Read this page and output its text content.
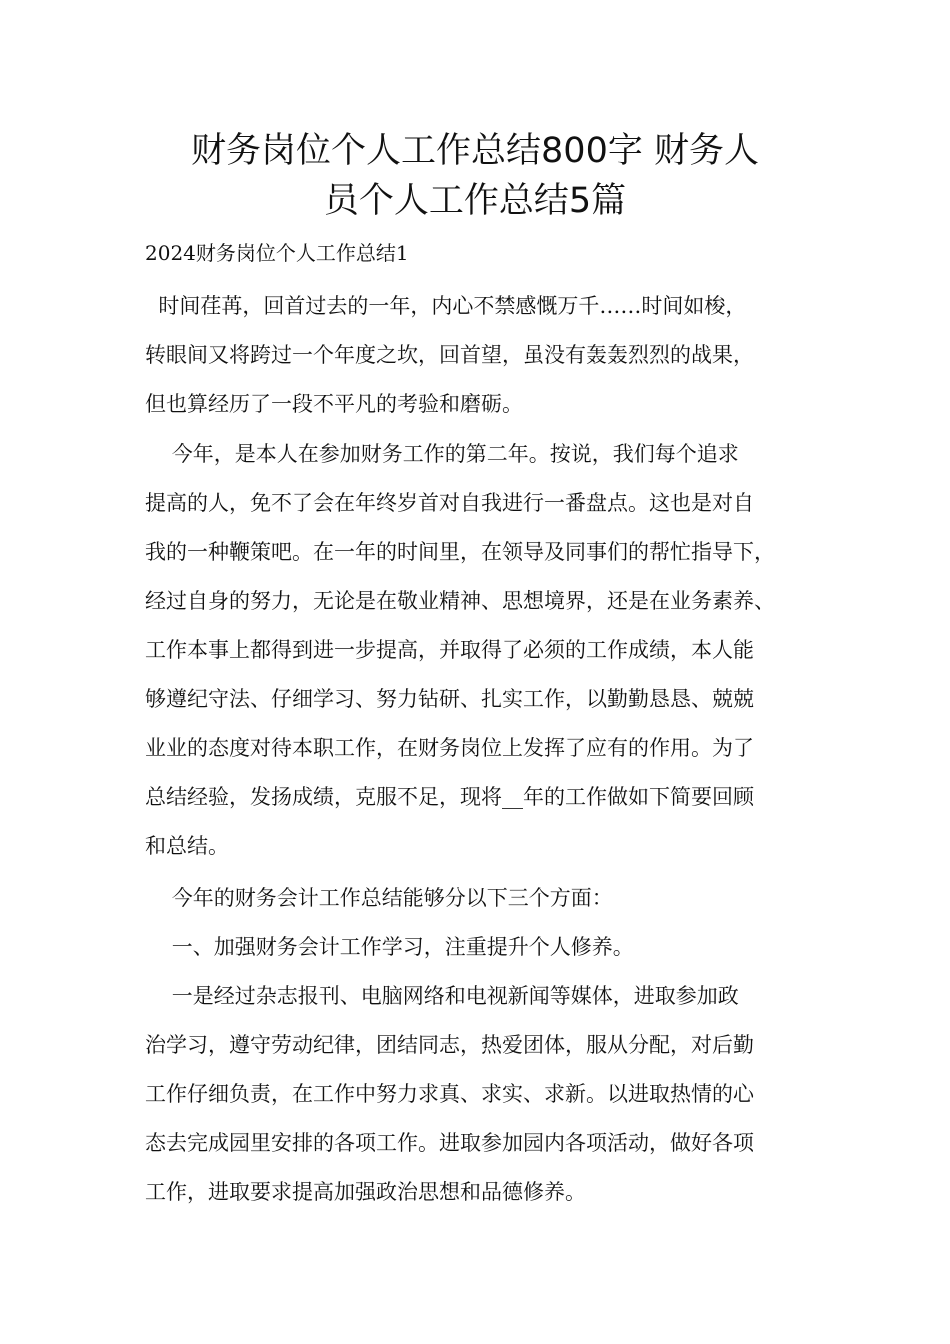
财务岗位个人工作总结800字 财务人
员个人工作总结5篇
2024财务岗位个人工作总结1
时间荏苒，回首过去的一年，内心不禁感慨万千……时间如梭，
转眼间又将跨过一个年度之坎，回首望，虽没有轰轰烈烈的战果，
但也算经历了一段不平凡的考验和磨砺。
今年，是本人在参加财务工作的第二年。按说，我们每个追求
提高的人，免不了会在年终岁首对自我进行一番盘点。这也是对自
我的一种鞭策吧。在一年的时间里，在领导及同事们的帮忙指导下，
经过自身的努力，无论是在敬业精神、思想境界，还是在业务素养、
工作本事上都得到进一步提高，并取得了必须的工作成绩，本人能
够遵纪守法、仔细学习、努力钻研、扎实工作，以勤勤恳恳、兢兢
业业的态度对待本职工作，在财务岗位上发挥了应有的作用。为了
总结经验，发扬成绩，克服不足，现将__年的工作做如下简要回顾
和总结。
今年的财务会计工作总结能够分以下三个方面：
一、加强财务会计工作学习，注重提升个人修养。
一是经过杂志报刊、电脑网络和电视新闻等媒体，进取参加政
治学习，遵守劳动纪律，团结同志，热爱团体，服从分配，对后勤
工作仔细负责，在工作中努力求真、求实、求新。以进取热情的心
态去完成园里安排的各项工作。进取参加园内各项活动，做好各项
工作，进取要求提高加强政治思想和品德修养。
